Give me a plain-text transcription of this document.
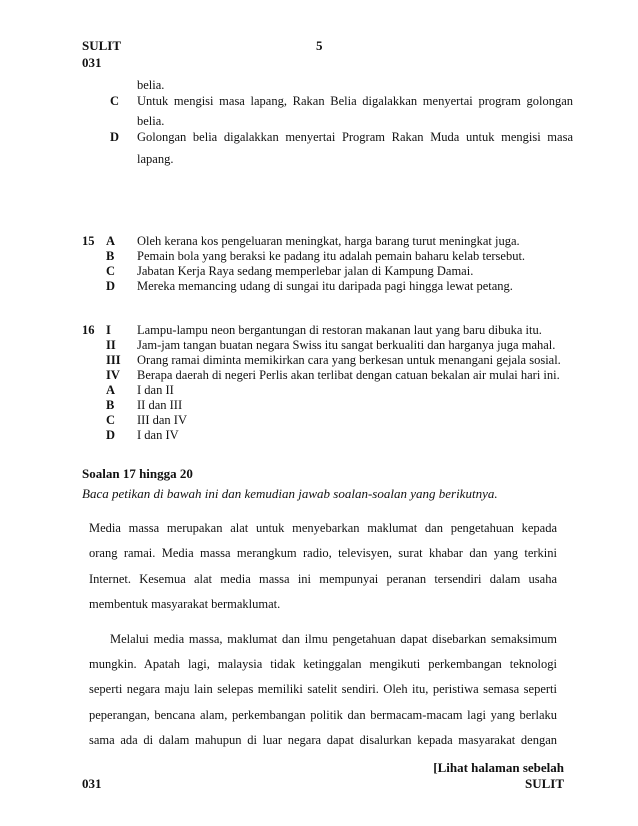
SULIT	5
031
belia.
C Untuk mengisi masa lapang, Rakan Belia digalakkan menyertai program golongan
belia.
D Golongan belia digalakkan menyertai Program Rakan Muda untuk mengisi masa
lapang.
15 A Oleh kerana kos pengeluaran meningkat, harga barang turut meningkat juga.
B Pemain bola yang beraksi ke padang itu adalah pemain baharu kelab tersebut.
C Jabatan Kerja Raya sedang memperlebar jalan di Kampung Damai.
D Mereka memancing udang di sungai itu daripada pagi hingga lewat petang.
16 I Lampu-lampu neon bergantungan di restoran makanan laut yang baru dibuka itu.
II Jam-jam tangan buatan negara Swiss itu sangat berkualiti dan harganya juga mahal.
III Orang ramai diminta memikirkan cara yang berkesan untuk menangani gejala sosial.
IV Berapa daerah di negeri Perlis akan terlibat dengan catuan bekalan air mulai hari ini.
A I dan II
B II dan III
C III dan IV
D I dan IV
Soalan 17 hingga 20
Baca petikan di bawah ini dan kemudian jawab soalan-soalan yang berikutnya.
Media massa merupakan alat untuk menyebarkan maklumat dan pengetahuan kepada
orang ramai. Media massa merangkum radio, televisyen, surat khabar dan yang terkini
Internet. Kesemua alat media massa ini mempunyai peranan tersendiri dalam usaha
membentuk masyarakat bermaklumat.
Melalui media massa, maklumat dan ilmu pengetahuan dapat disebarkan semaksimum
mungkin. Apatah lagi, malaysia tidak ketinggalan mengikuti perkembangan teknologi
seperti negara maju lain selepas memiliki satelit sendiri. Oleh itu, peristiwa semasa seperti
peperangan, bencana alam, perkembangan politik dan bermacam-macam lagi yang berlaku
sama ada di dalam mahupun di luar negara dapat disalurkan kepada masyarakat dengan
[Lihat halaman sebelah
031	SULIT
